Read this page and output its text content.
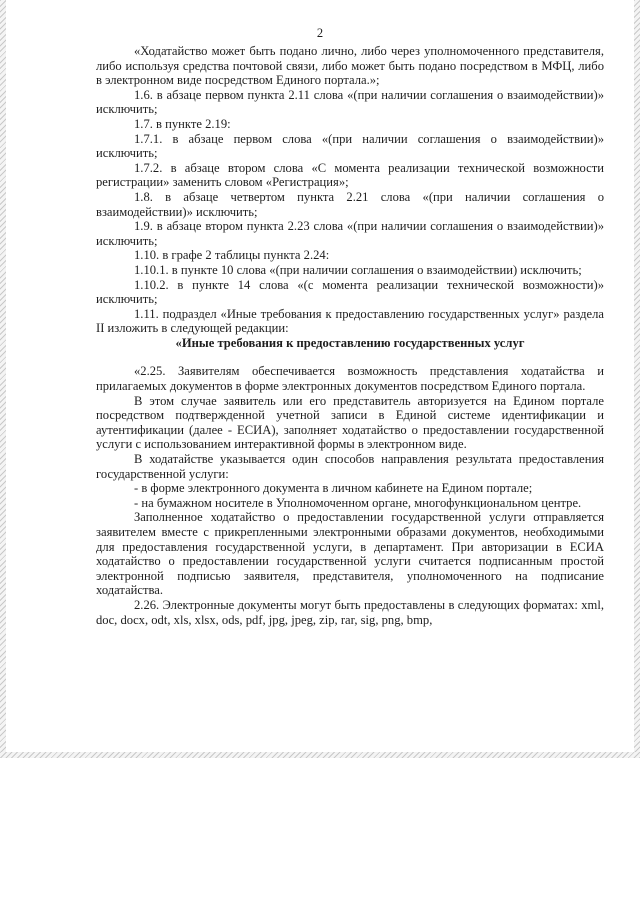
2

«Ходатайство может быть подано лично, либо через уполномоченного представителя, либо используя средства почтовой связи, либо может быть подано посредством в МФЦ, либо в электронном виде посредством Единого портала.»;

1.6. в абзаце первом пункта 2.11 слова «(при наличии соглашения о взаимодействии)» исключить;

1.7. в пункте 2.19:

1.7.1. в абзаце первом слова «(при наличии соглашения о взаимодействии)» исключить;

1.7.2. в абзаце втором слова «С момента реализации технической возможности регистрации» заменить словом «Регистрация»;

1.8. в абзаце четвертом пункта 2.21 слова «(при наличии соглашения о взаимодействии)» исключить;

1.9. в абзаце втором пункта 2.23 слова «(при наличии соглашения о взаимодействии)» исключить;

1.10. в графе 2 таблицы пункта 2.24:

1.10.1. в пункте 10 слова «(при наличии соглашения о взаимодействии) исключить;

1.10.2. в пункте 14 слова «(с момента реализации технической возможности)» исключить;

1.11. подраздел «Иные требования к предоставлению государственных услуг» раздела II изложить в следующей редакции:

«Иные требования к предоставлению государственных услуг

«2.25. Заявителям обеспечивается возможность представления ходатайства и прилагаемых документов в форме электронных документов посредством Единого портала.

В этом случае заявитель или его представитель авторизуется на Едином портале посредством подтвержденной учетной записи в Единой системе идентификации и аутентификации (далее - ЕСИА), заполняет ходатайство о предоставлении государственной услуги с использованием интерактивной формы в электронном виде.

В ходатайстве указывается один способов направления результата предоставления государственной услуги:

- в форме электронного документа в личном кабинете на Едином портале;

- на бумажном носителе в Уполномоченном органе, многофункциональном центре.

Заполненное ходатайство о предоставлении государственной услуги отправляется заявителем вместе с прикрепленными электронными образами документов, необходимыми для предоставления государственной услуги, в департамент. При авторизации в ЕСИА ходатайство о предоставлении государственной услуги считается подписанным простой электронной подписью заявителя, представителя, уполномоченного на подписание ходатайства.

2.26. Электронные документы могут быть предоставлены в следующих форматах: xml, doc, docx, odt, xls, xlsx, ods, pdf, jpg, jpeg, zip, rar, sig, png, bmp,
